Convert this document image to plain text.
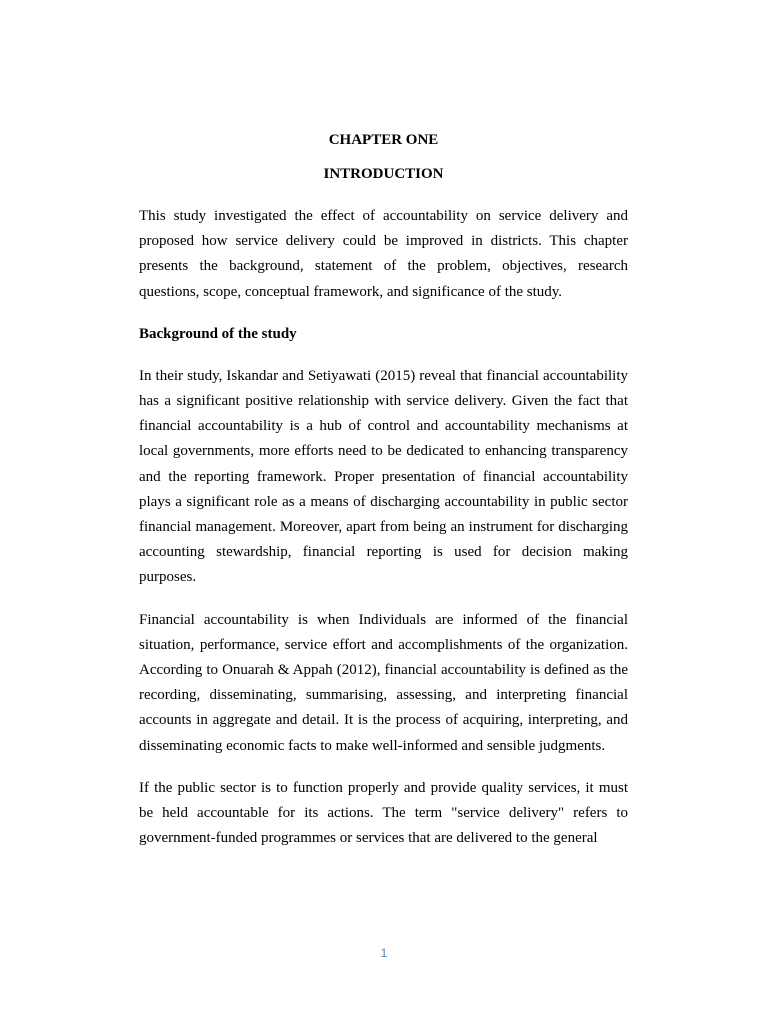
CHAPTER ONE

INTRODUCTION

This study investigated the effect of accountability on service delivery and proposed how service delivery could be improved in districts. This chapter presents the background, statement of the problem, objectives, research questions, scope, conceptual framework, and significance of the study.

Background of the study

In their study, Iskandar and Setiyawati (2015) reveal that financial accountability has a significant positive relationship with service delivery. Given the fact that financial accountability is a hub of control and accountability mechanisms at local governments, more efforts need to be dedicated to enhancing transparency and the reporting framework. Proper presentation of financial accountability plays a significant role as a means of discharging accountability in public sector financial management. Moreover, apart from being an instrument for discharging accounting stewardship, financial reporting is used for decision making purposes.

Financial accountability is when Individuals are informed of the financial situation, performance, service effort and accomplishments of the organization. According to Onuarah & Appah (2012), financial accountability is defined as the recording, disseminating, summarising, assessing, and interpreting financial accounts in aggregate and detail. It is the process of acquiring, interpreting, and disseminating economic facts to make well-informed and sensible judgments.

If the public sector is to function properly and provide quality services, it must be held accountable for its actions. The term "service delivery" refers to government-funded programmes or services that are delivered to the general

1
